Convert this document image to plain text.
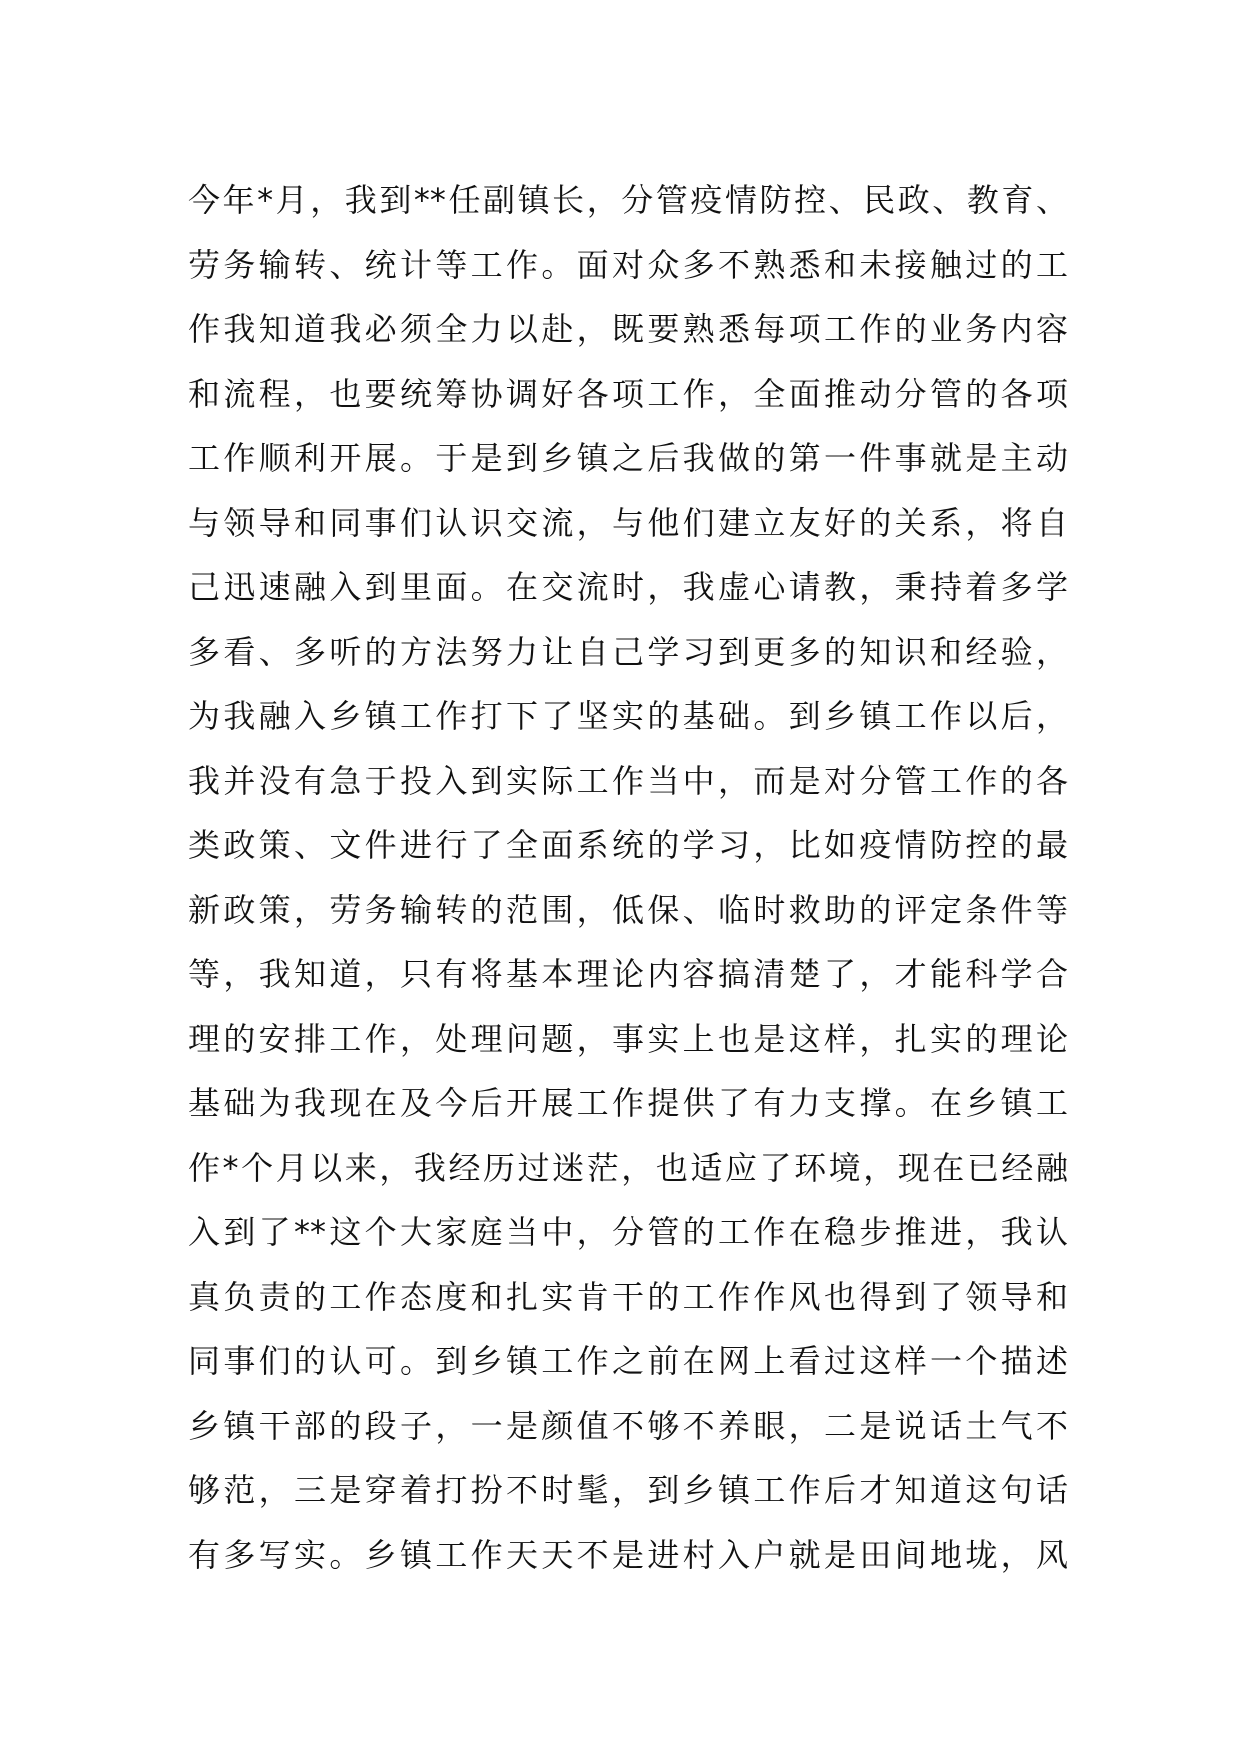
今年*月，我到**任副镇长，分管疫情防控、民政、教育、
劳务输转、统计等工作。面对众多不熟悉和未接触过的工
作我知道我必须全力以赴，既要熟悉每项工作的业务内容
和流程，也要统筹协调好各项工作，全面推动分管的各项
工作顺利开展。于是到乡镇之后我做的第一件事就是主动
与领导和同事们认识交流，与他们建立友好的关系，将自
己迅速融入到里面。在交流时，我虚心请教，秉持着多学
多看、多听的方法努力让自己学习到更多的知识和经验，
为我融入乡镇工作打下了坚实的基础。到乡镇工作以后，
我并没有急于投入到实际工作当中，而是对分管工作的各
类政策、文件进行了全面系统的学习，比如疫情防控的最
新政策，劳务输转的范围，低保、临时救助的评定条件等
等，我知道，只有将基本理论内容搞清楚了，才能科学合
理的安排工作，处理问题，事实上也是这样，扎实的理论
基础为我现在及今后开展工作提供了有力支撑。在乡镇工
作*个月以来，我经历过迷茫，也适应了环境，现在已经融
入到了**这个大家庭当中，分管的工作在稳步推进，我认
真负责的工作态度和扎实肯干的工作作风也得到了领导和
同事们的认可。到乡镇工作之前在网上看过这样一个描述
乡镇干部的段子，一是颜值不够不养眼，二是说话土气不
够范，三是穿着打扮不时髦，到乡镇工作后才知道这句话
有多写实。乡镇工作天天不是进村入户就是田间地垅，风
